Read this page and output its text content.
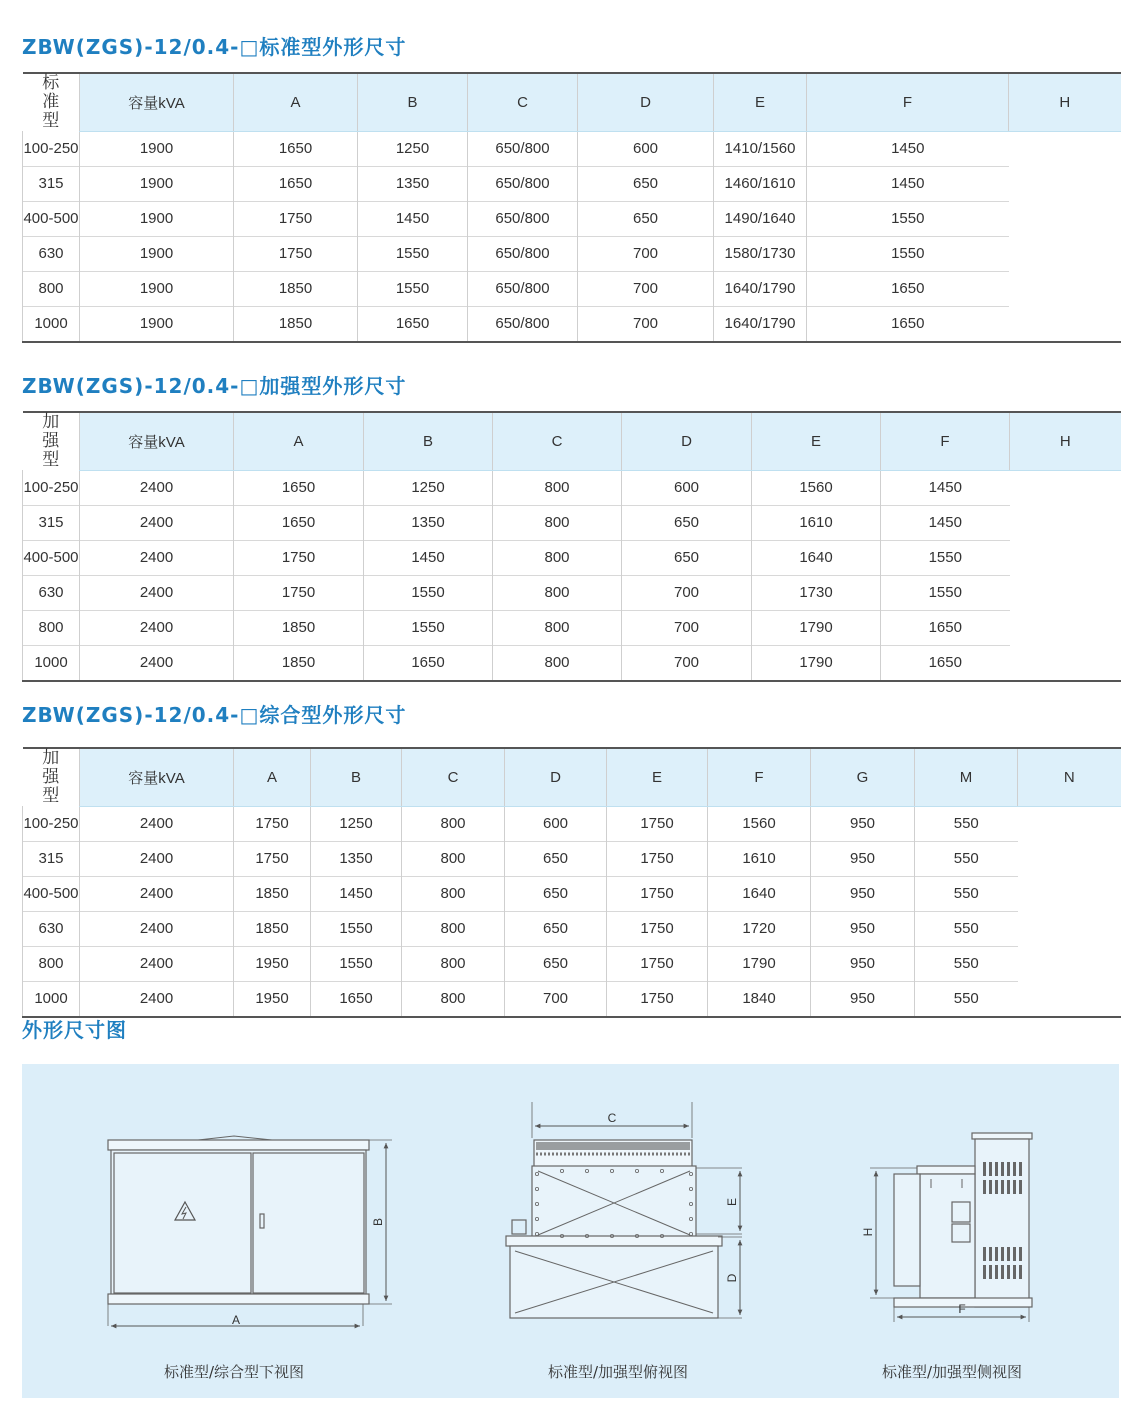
ZBW(ZGS)-12/0.4-□标准型外形尺寸
标准型	容量kVA	A	B	C	D	E	F	H
100-250	1900	1650	1250	650/800	600	1410/1560	1450	
315	1900	1650	1350	650/800	650	1460/1610	1450	
400-500	1900	1750	1450	650/800	650	1490/1640	1550	
630	1900	1750	1550	650/800	700	1580/1730	1550	
800	1900	1850	1550	650/800	700	1640/1790	1650	
1000	1900	1850	1650	650/800	700	1640/1790	1650	
ZBW(ZGS)-12/0.4-□加强型外形尺寸
加强型	容量kVA	A	B	C	D	E	F	H
100-250	2400	1650	1250	800	600	1560	1450	
315	2400	1650	1350	800	650	1610	1450	
400-500	2400	1750	1450	800	650	1640	1550	
630	2400	1750	1550	800	700	1730	1550	
800	2400	1850	1550	800	700	1790	1650	
1000	2400	1850	1650	800	700	1790	1650	
ZBW(ZGS)-12/0.4-□综合型外形尺寸
加强型	容量kVA	A	B	C	D	E	F	G	M	N
100-250	2400	1750	1250	800	600	1750	1560	950	550	
315	2400	1750	1350	800	650	1750	1610	950	550	
400-500	2400	1850	1450	800	650	1750	1640	950	550	
630	2400	1850	1550	800	650	1750	1720	950	550	
800	2400	1950	1550	800	650	1750	1790	950	550	
1000	2400	1950	1650	800	700	1750	1840	950	550	
外形尺寸图
A
B
C
E
D
H
F
标准型/综合型下视图	标准型/加强型俯视图	标准型/加强型侧视图
